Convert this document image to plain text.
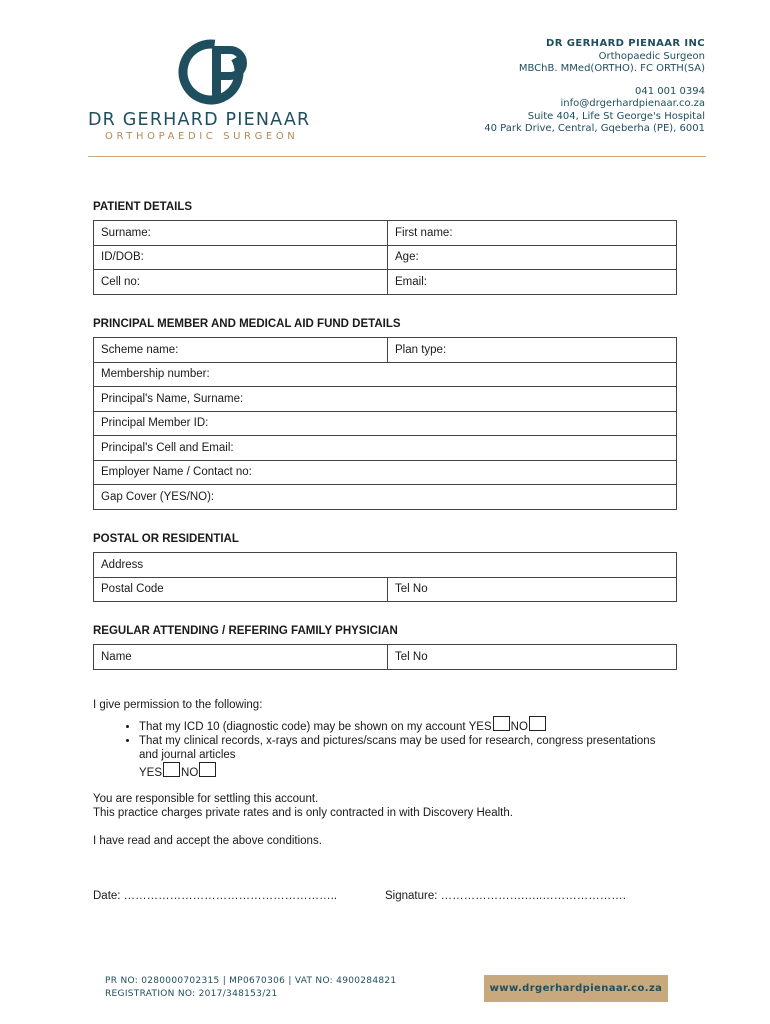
DR GERHARD PIENAAR
ORTHOPAEDIC SURGEON
DR GERHARD PIENAAR INC
Orthopaedic Surgeon
MBChB. MMed(ORTHO). FC ORTH(SA)
041 001 0394
info@drgerhardpienaar.co.za
Suite 404, Life St George's Hospital
40 Park Drive, Central, Gqeberha (PE), 6001
PATIENT DETAILS
Surname:	First name:
ID/DOB:	Age:
Cell no:	Email:
PRINCIPAL MEMBER AND MEDICAL AID FUND DETAILS
Scheme name:	Plan type:
Membership number:
Principal's Name, Surname:
Principal Member ID:
Principal's Cell and Email:
Employer Name / Contact no:
Gap Cover (YES/NO):
POSTAL OR RESIDENTIAL
Address
Postal Code	Tel No
REGULAR ATTENDING / REFERING FAMILY PHYSICIAN
Name	Tel No
I give permission to the following:
• That my ICD 10 (diagnostic code) may be shown on my account YES NO
• That my clinical records, x-rays and pictures/scans may be used for research, congress presentations and journal articles
YES NO
You are responsible for settling this account.
This practice charges private rates and is only contracted in with Discovery Health.
I have read and accept the above conditions.
Date: ………………………………………………..	Signature: ………………….…..………………….
PR NO: 0280000702315 | MP0670306 | VAT NO: 4900284821
REGISTRATION NO: 2017/348153/21	www.drgerhardpienaar.co.za
